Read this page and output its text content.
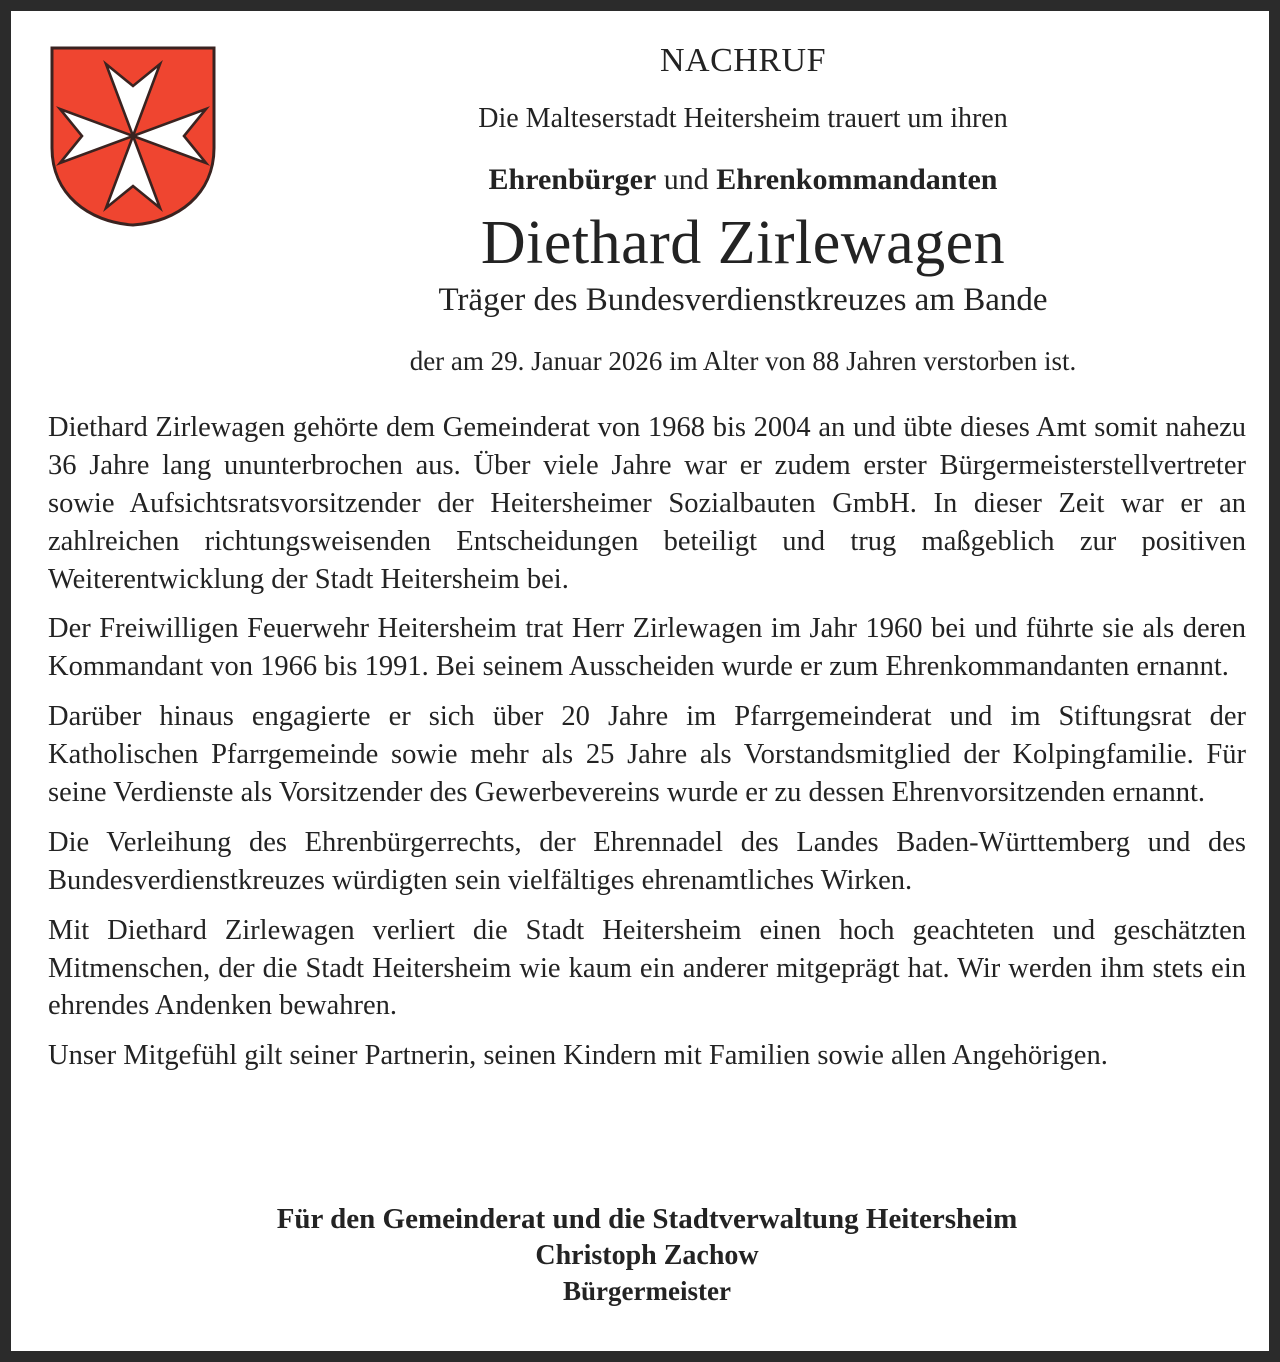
NACHRUF

Die Malteserstadt Heitersheim trauert um ihren

Ehrenbürger und Ehrenkommandanten

Diethard Zirlewagen

Träger des Bundesverdienstkreuzes am Bande

der am 29. Januar 2026 im Alter von 88 Jahren verstorben ist.

Diethard Zirlewagen gehörte dem Gemeinderat von 1968 bis 2004 an und übte dieses Amt somit nahezu 36 Jahre lang ununterbrochen aus. Über viele Jahre war er zudem erster Bürgermeisterstellvertreter sowie Aufsichtsratsvorsitzender der Heitersheimer Sozialbauten GmbH. In dieser Zeit war er an zahlreichen richtungsweisenden Entscheidungen beteiligt und trug maßgeblich zur positiven Weiterentwicklung der Stadt Heitersheim bei.

Der Freiwilligen Feuerwehr Heitersheim trat Herr Zirlewagen im Jahr 1960 bei und führte sie als deren Kommandant von 1966 bis 1991. Bei seinem Ausscheiden wurde er zum Ehrenkommandanten ernannt.

Darüber hinaus engagierte er sich über 20 Jahre im Pfarrgemeinderat und im Stiftungsrat der Katholischen Pfarrgemeinde sowie mehr als 25 Jahre als Vorstandsmitglied der Kolpingfamilie. Für seine Verdienste als Vorsitzender des Gewerbevereins wurde er zu dessen Ehrenvorsitzenden ernannt.

Die Verleihung des Ehrenbürgerrechts, der Ehrennadel des Landes Baden-Württemberg und des Bundesverdienstkreuzes würdigten sein vielfältiges ehrenamtliches Wirken.

Mit Diethard Zirlewagen verliert die Stadt Heitersheim einen hoch geachteten und geschätzten Mitmenschen, der die Stadt Heitersheim wie kaum ein anderer mitgeprägt hat. Wir werden ihm stets ein ehrendes Andenken bewahren.

Unser Mitgefühl gilt seiner Partnerin, seinen Kindern mit Familien sowie allen Angehörigen.

Für den Gemeinderat und die Stadtverwaltung Heitersheim

Christoph Zachow

Bürgermeister
